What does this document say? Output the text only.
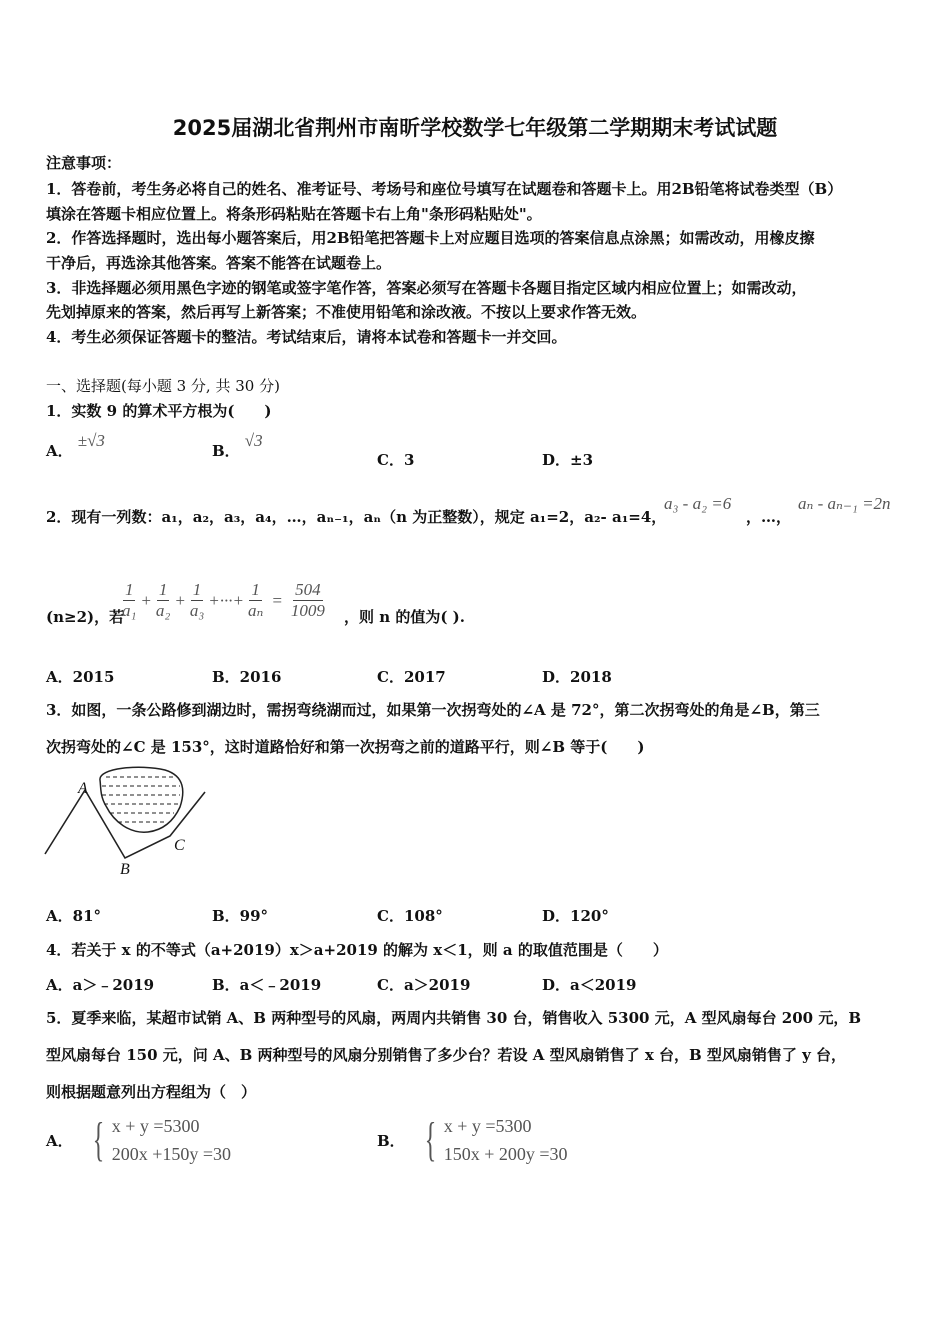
2025届湖北省荆州市南昕学校数学七年级第二学期期末考试试题
注意事项：
1．答卷前，考生务必将自己的姓名、准考证号、考场号和座位号填写在试题卷和答题卡上。用2B铅笔将试卷类型（B）
填涂在答题卡相应位置上。将条形码粘贴在答题卡右上角"条形码粘贴处"。
2．作答选择题时，选出每小题答案后，用2B铅笔把答题卡上对应题目选项的答案信息点涂黑；如需改动，用橡皮擦
干净后，再选涂其他答案。答案不能答在试题卷上。
3．非选择题必须用黑色字迹的钢笔或签字笔作答，答案必须写在答题卡各题目指定区域内相应位置上；如需改动，
先划掉原来的答案，然后再写上新答案；不准使用铅笔和涂改液。不按以上要求作答无效。
4．考生必须保证答题卡的整洁。考试结束后，请将本试卷和答题卡一并交回。
一、选择题(每小题 3 分, 共 30 分)
1．实数 9 的算术平方根为(　　)
A． ±√3
B． √3
C．3	D．±3
2．现有一列数：a₁，a₂，a₃，a₄，…，aₙ₋₁，aₙ（n 为正整数），规定 a₁=2，a₂- a₁=4，
a₃ - a₂ =6
，…，
aₙ - aₙ₋₁ =2n
(n≥2)，若
$\frac{1}{\text{a₁}} + \frac{1}{\text{a₂}} + \frac{1}{\text{a₃}}$ +···+ $\frac{1}{\text{aₙ}} = \frac{504}{1009}$ ，则 n 的值为( ).
A．2015	B．2016	C．2017	D．2018
3．如图，一条公路修到湖边时，需拐弯绕湖而过，如果第一次拐弯处的∠A 是 72°，第二次拐弯处的角是∠B，第三
次拐弯处的∠C 是 153°，这时道路恰好和第一次拐弯之前的道路平行，则∠B 等于(　　)
A
B
C
A．81°	B．99°	C．108°	D．120°
4．若关于 x 的不等式（a+2019）x＞a+2019 的解为 x＜1，则 a 的取值范围是（　　）
A．a＞﹣2019	B．a＜﹣2019	C．a＞2019	D．a＜2019
5．夏季来临，某超市试销 A、B 两种型号的风扇，两周内共销售 30 台，销售收入 5300 元，A 型风扇每台 200 元，B
型风扇每台 150 元，问 A、B 两种型号的风扇分别销售了多少台？若设 A 型风扇销售了 x 台，B 型风扇销售了 y 台，
则根据题意列出方程组为（　）
A． { x + y =5300
200x +150y =30
B． { x + y =5300
150x + 200y =30
